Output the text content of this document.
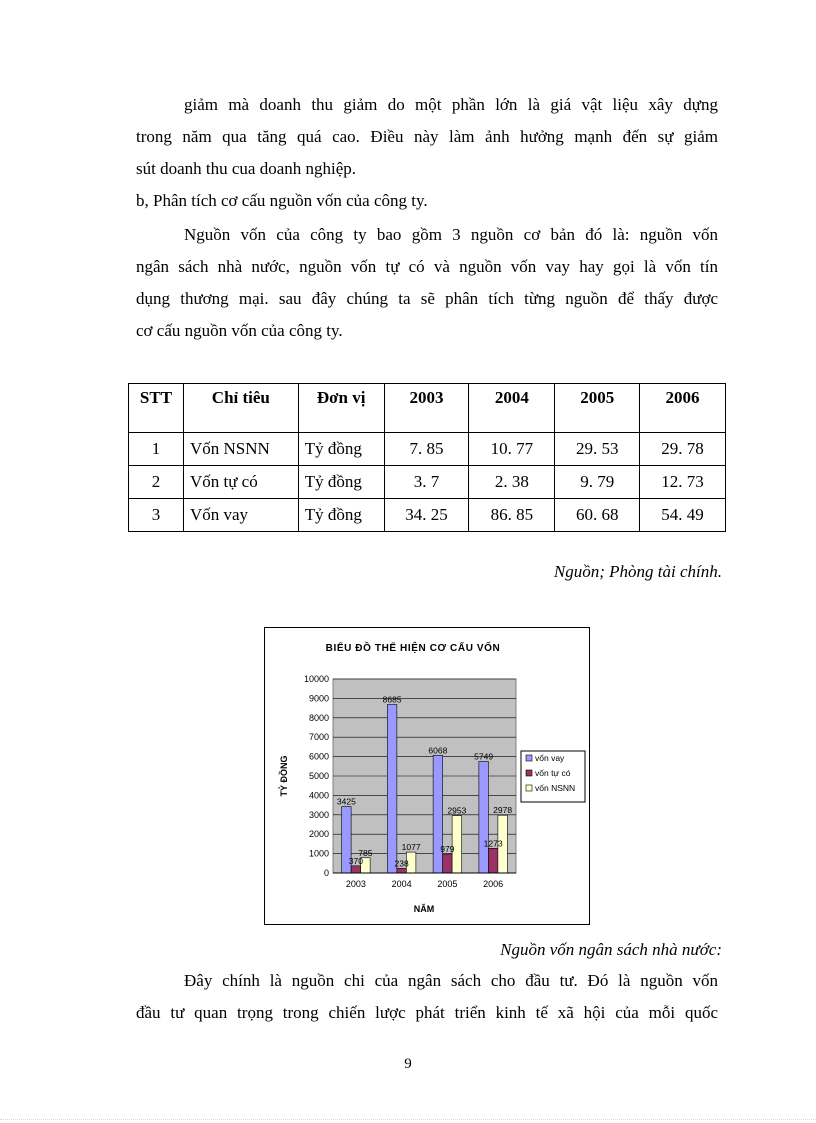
giảm mà doanh thu giảm do một phần lớn là giá vật liệu xây dựng
trong năm qua tăng quá cao. Điều này làm ảnh hưởng mạnh đến sự giảm
sút doanh thu cua doanh nghiệp.
b, Phân tích cơ cấu nguồn vốn của công ty.
Nguồn vốn của công ty bao gồm 3 nguồn cơ bản đó là: nguồn vốn
ngân sách nhà nước, nguồn vốn tự có và nguồn vốn vay hay gọi là vốn tín
dụng thương mại. sau đây chúng ta sẽ phân tích từng nguồn để thấy được
cơ cấu nguồn vốn của công ty.
STT	Chỉ tiêu	Đơn vị	2003	2004	2005	2006
1	Vốn NSNN	Tỷ đồng	7. 85	10. 77	29. 53	29. 78
2	Vốn tự có	Tỷ đồng	3. 7	2. 38	9. 79	12. 73
3	Vốn vay	Tỷ đồng	34. 25	86. 85	60. 68	54. 49
Nguồn; Phòng tài chính.
BIỂU ĐỒ THỂ HIỆN CƠ CẤU VỐN
0
1000
2000
3000
4000
5000
6000
7000
8000
9000
10000
3425
370
785
8685
238
1077
6068
979
2953
5749
1273
2978
2003	2004	2005	2006
NĂM
TỶ ĐỒNG	vốn vay
vốn tự có
vốn NSNN
Nguồn vốn ngân sách nhà nước:
Đây chính là nguồn chi của ngân sách cho đầu tư. Đó là nguồn vốn
đầu tư quan trọng trong chiến lược phát triển kinh tế xã hội của mỗi quốc
9
